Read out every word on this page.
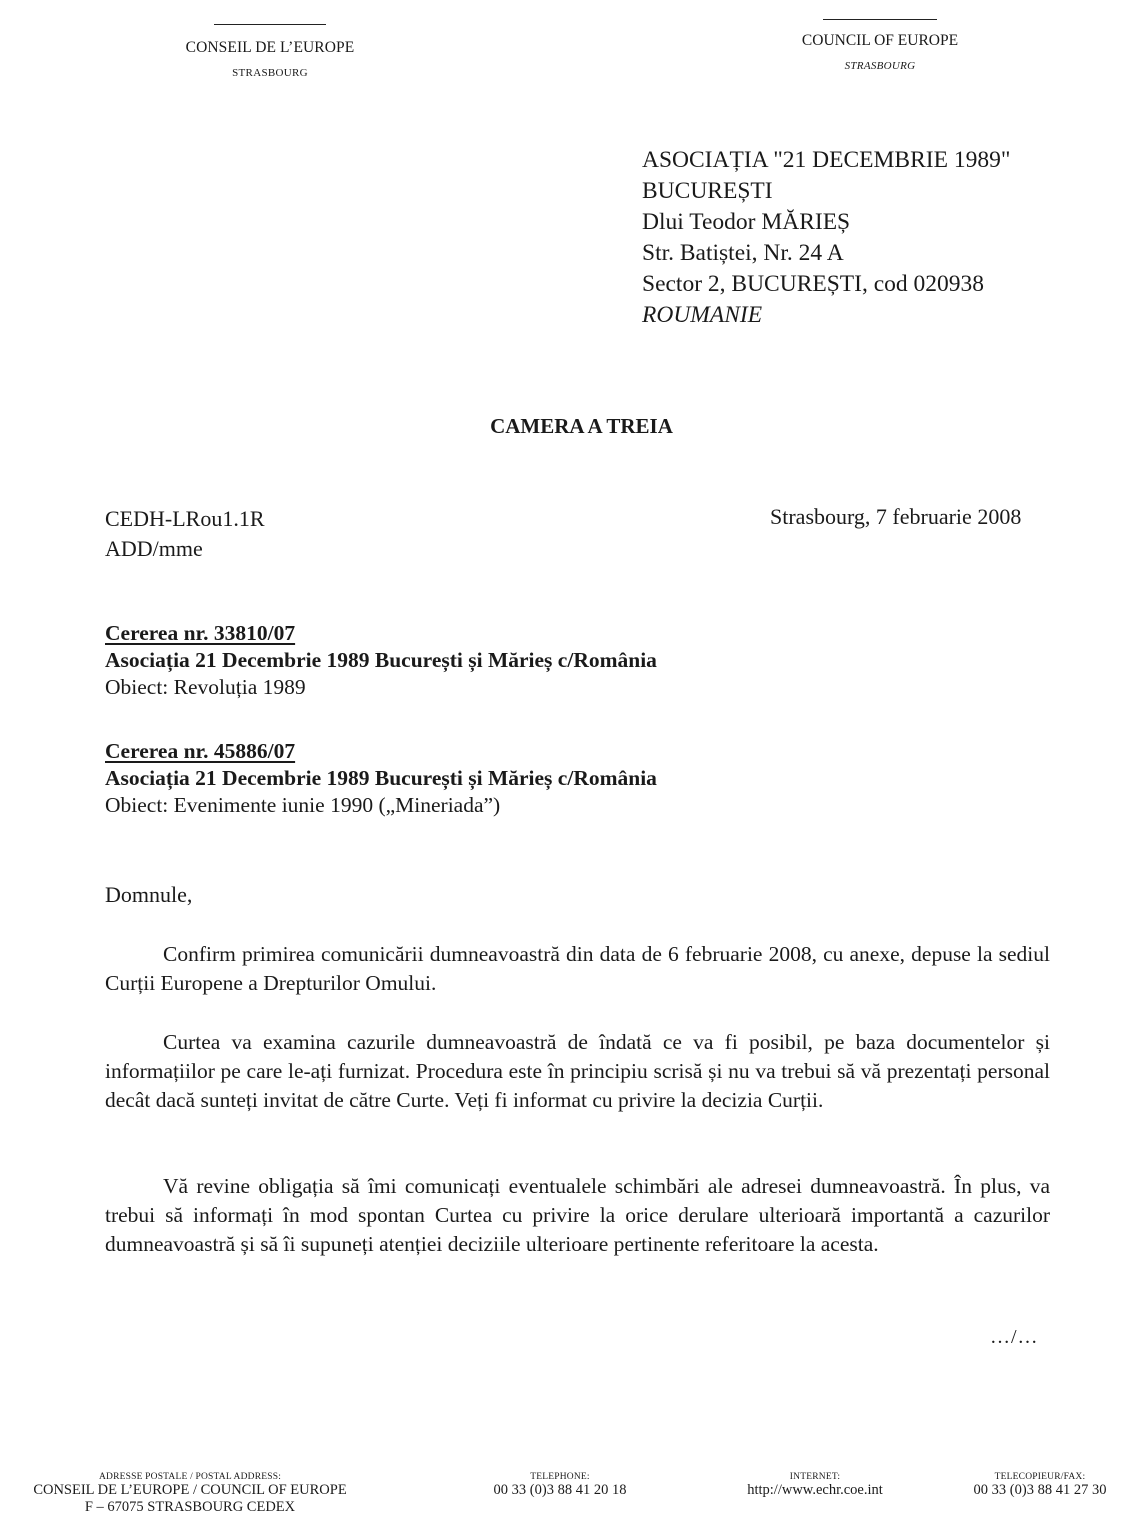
CONSEIL DE L’EUROPE
STRASBOURG
COUNCIL OF EUROPE
STRASBOURG
ASOCIAȚIA "21 DECEMBRIE 1989"
BUCUREȘTI
Dlui Teodor MĂRIEȘ
Str. Batiștei, Nr. 24 A
Sector 2, BUCUREȘTI, cod 020938
ROUMANIE
CAMERA A TREIA
CEDH-LRou1.1R
ADD/mme
Strasbourg, 7 februarie 2008
Cererea nr. 33810/07
Asociația 21 Decembrie 1989 București și Mărieș c/România
Obiect: Revoluția 1989
Cererea nr. 45886/07
Asociația 21 Decembrie 1989 București și Mărieș c/România
Obiect: Evenimente iunie 1990 („Mineriada”)
Domnule,

Confirm primirea comunicării dumneavoastră din data de 6 februarie 2008, cu anexe, depuse la sediul Curții Europene a Drepturilor Omului.

Curtea va examina cazurile dumneavoastră de îndată ce va fi posibil, pe baza documentelor și informațiilor pe care le-ați furnizat. Procedura este în principiu scrisă și nu va trebui să vă prezentați personal decât dacă sunteți invitat de către Curte. Veți fi informat cu privire la decizia Curții.

Vă revine obligația să îmi comunicați eventualele schimbări ale adresei dumneavoastră. În plus, va trebui să informați în mod spontan Curtea cu privire la orice derulare ulterioară importantă a cazurilor dumneavoastră și să îi supuneți atenției deciziile ulterioare pertinente referitoare la acesta.

…/…
ADRESSE POSTALE / POSTAL ADDRESS:
CONSEIL DE L’EUROPE / COUNCIL OF EUROPE
F – 67075 STRASBOURG CEDEX
TELEPHONE:
00 33 (0)3 88 41 20 18
INTERNET:
http://www.echr.coe.int
TELECOPIEUR/FAX:
00 33 (0)3 88 41 27 30
